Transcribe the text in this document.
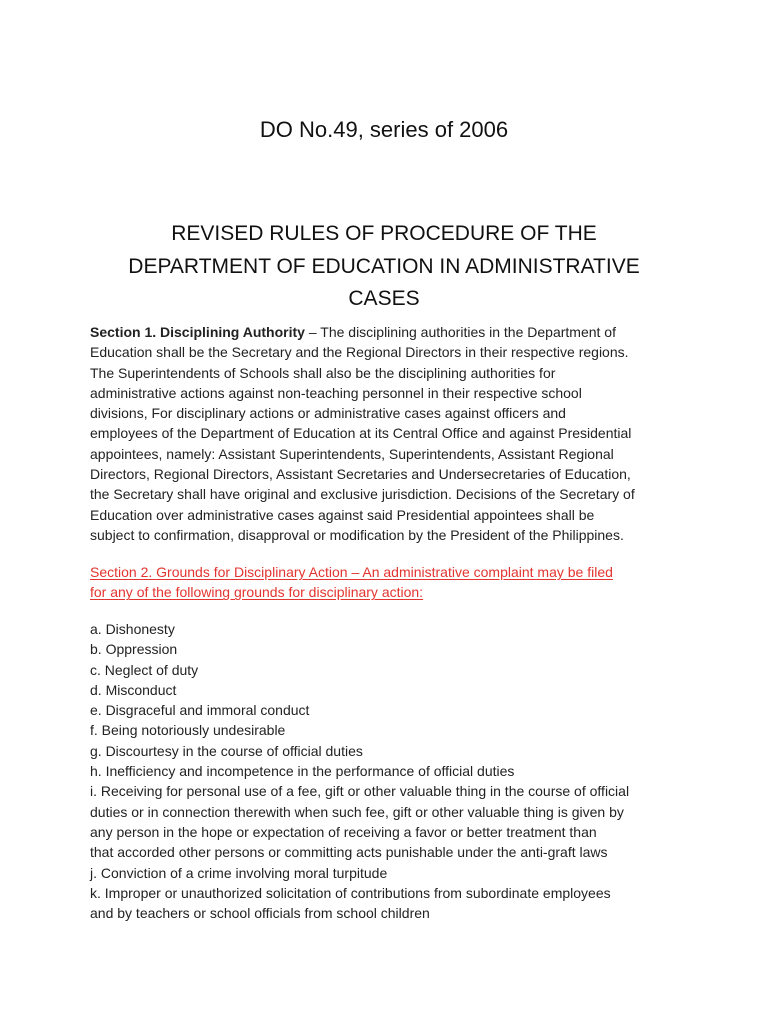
DO No.49, series of 2006
REVISED RULES OF PROCEDURE OF THE
DEPARTMENT OF EDUCATION IN ADMINISTRATIVE
CASES

Section 1. Disciplining Authority – The disciplining authorities in the Department of
Education shall be the Secretary and the Regional Directors in their respective regions.
The Superintendents of Schools shall also be the disciplining authorities for
administrative actions against non-teaching personnel in their respective school
divisions, For disciplinary actions or administrative cases against officers and
employees of the Department of Education at its Central Office and against Presidential
appointees, namely: Assistant Superintendents, Superintendents, Assistant Regional
Directors, Regional Directors, Assistant Secretaries and Undersecretaries of Education,
the Secretary shall have original and exclusive jurisdiction. Decisions of the Secretary of
Education over administrative cases against said Presidential appointees shall be
subject to confirmation, disapproval or modification by the President of the Philippines.

Section 2. Grounds for Disciplinary Action – An administrative complaint may be filed
for any of the following grounds for disciplinary action:

a. Dishonesty
b. Oppression
c. Neglect of duty
d. Misconduct
e. Disgraceful and immoral conduct
f. Being notoriously undesirable
g. Discourtesy in the course of official duties
h. Inefficiency and incompetence in the performance of official duties
i. Receiving for personal use of a fee, gift or other valuable thing in the course of official
duties or in connection therewith when such fee, gift or other valuable thing is given by
any person in the hope or expectation of receiving a favor or better treatment than
that accorded other persons or committing acts punishable under the anti-graft laws
j. Conviction of a crime involving moral turpitude
k. Improper or unauthorized solicitation of contributions from subordinate employees
and by teachers or school officials from school children
